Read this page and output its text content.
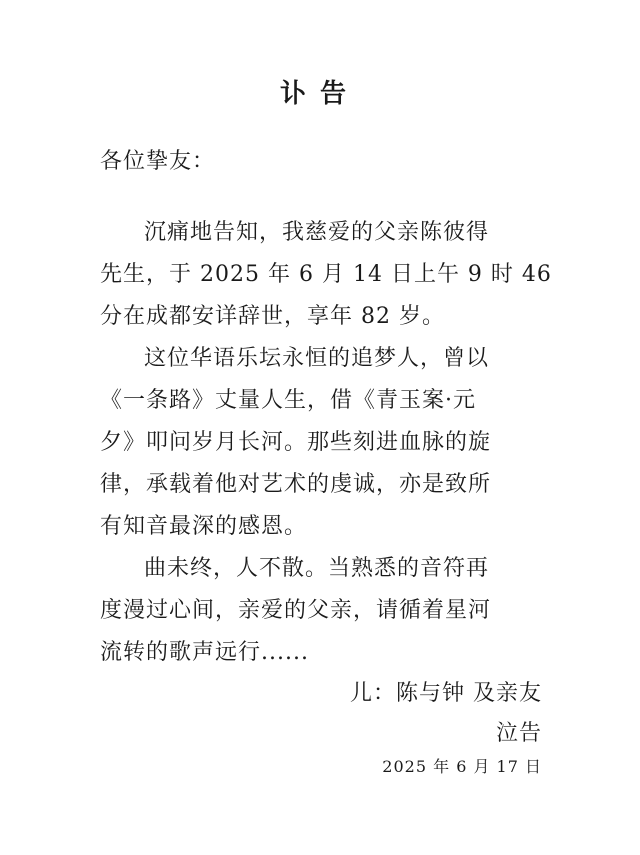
讣告
各位挚友：
沉痛地告知，我慈爱的父亲陈彼得
先生，于 2025 年 6 月 14 日上午 9 时 46
分在成都安详辞世，享年 82 岁。
这位华语乐坛永恒的追梦人，曾以
《一条路》丈量人生，借《青玉案·元
夕》叩问岁月长河。那些刻进血脉的旋
律，承载着他对艺术的虔诚，亦是致所
有知音最深的感恩。
曲未终，人不散。当熟悉的音符再
度漫过心间，亲爱的父亲，请循着星河
流转的歌声远行......
儿：陈与钟 及亲友
泣告
2025 年 6 月 17 日
